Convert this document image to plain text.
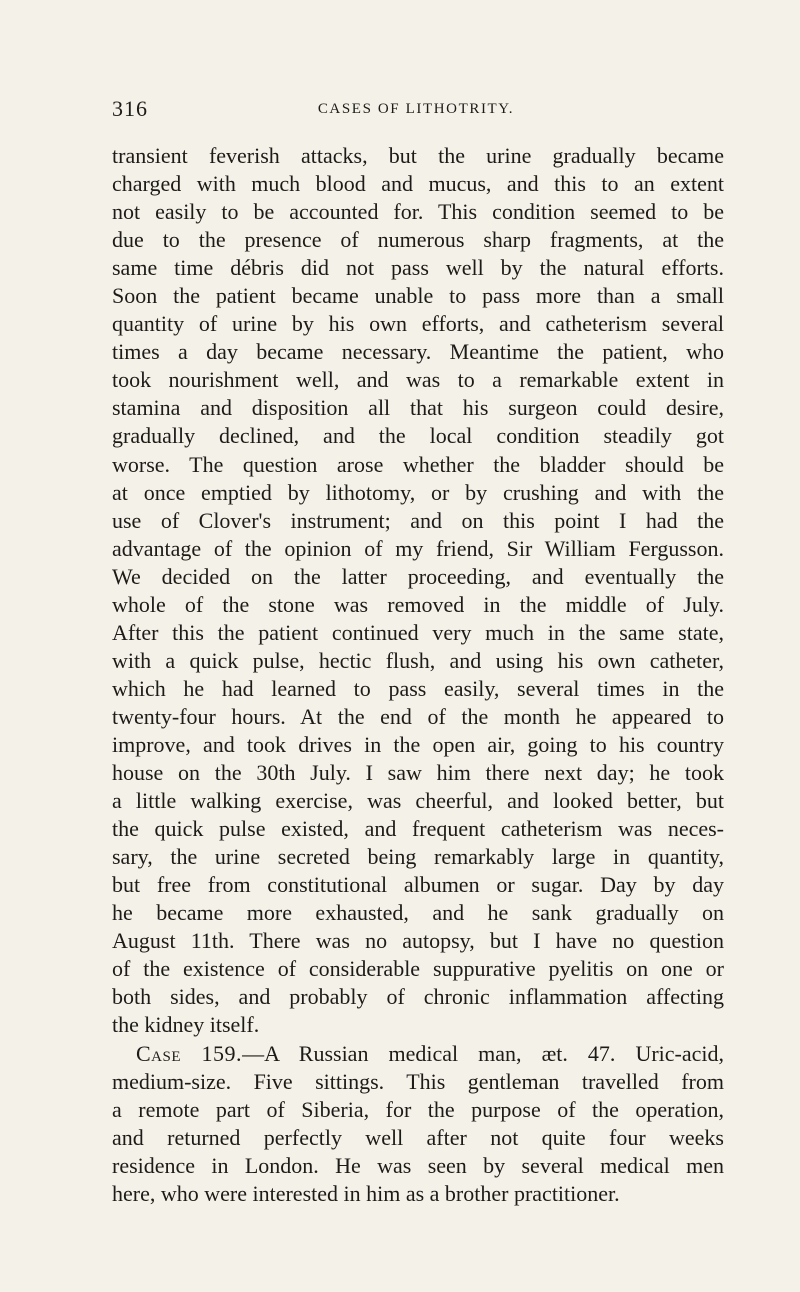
316	CASES OF LITHOTRITY.
transient feverish attacks, but the urine gradually became
charged with much blood and mucus, and this to an extent
not easily to be accounted for. This condition seemed to be
due to the presence of numerous sharp fragments, at the
same time débris did not pass well by the natural efforts.
Soon the patient became unable to pass more than a small
quantity of urine by his own efforts, and catheterism several
times a day became necessary. Meantime the patient, who
took nourishment well, and was to a remarkable extent in
stamina and disposition all that his surgeon could desire,
gradually declined, and the local condition steadily got
worse. The question arose whether the bladder should be
at once emptied by lithotomy, or by crushing and with the
use of Clover's instrument; and on this point I had the
advantage of the opinion of my friend, Sir William Fergusson.
We decided on the latter proceeding, and eventually the
whole of the stone was removed in the middle of July.
After this the patient continued very much in the same state,
with a quick pulse, hectic flush, and using his own catheter,
which he had learned to pass easily, several times in the
twenty-four hours. At the end of the month he appeared to
improve, and took drives in the open air, going to his country
house on the 30th July. I saw him there next day; he took
a little walking exercise, was cheerful, and looked better, but
the quick pulse existed, and frequent catheterism was neces-
sary, the urine secreted being remarkably large in quantity,
but free from constitutional albumen or sugar. Day by day
he became more exhausted, and he sank gradually on
August 11th. There was no autopsy, but I have no question
of the existence of considerable suppurative pyelitis on one or
both sides, and probably of chronic inflammation affecting
the kidney itself.
Case 159.—A Russian medical man, æt. 47. Uric-acid,
medium-size. Five sittings. This gentleman travelled from
a remote part of Siberia, for the purpose of the operation,
and returned perfectly well after not quite four weeks
residence in London. He was seen by several medical men
here, who were interested in him as a brother practitioner.
